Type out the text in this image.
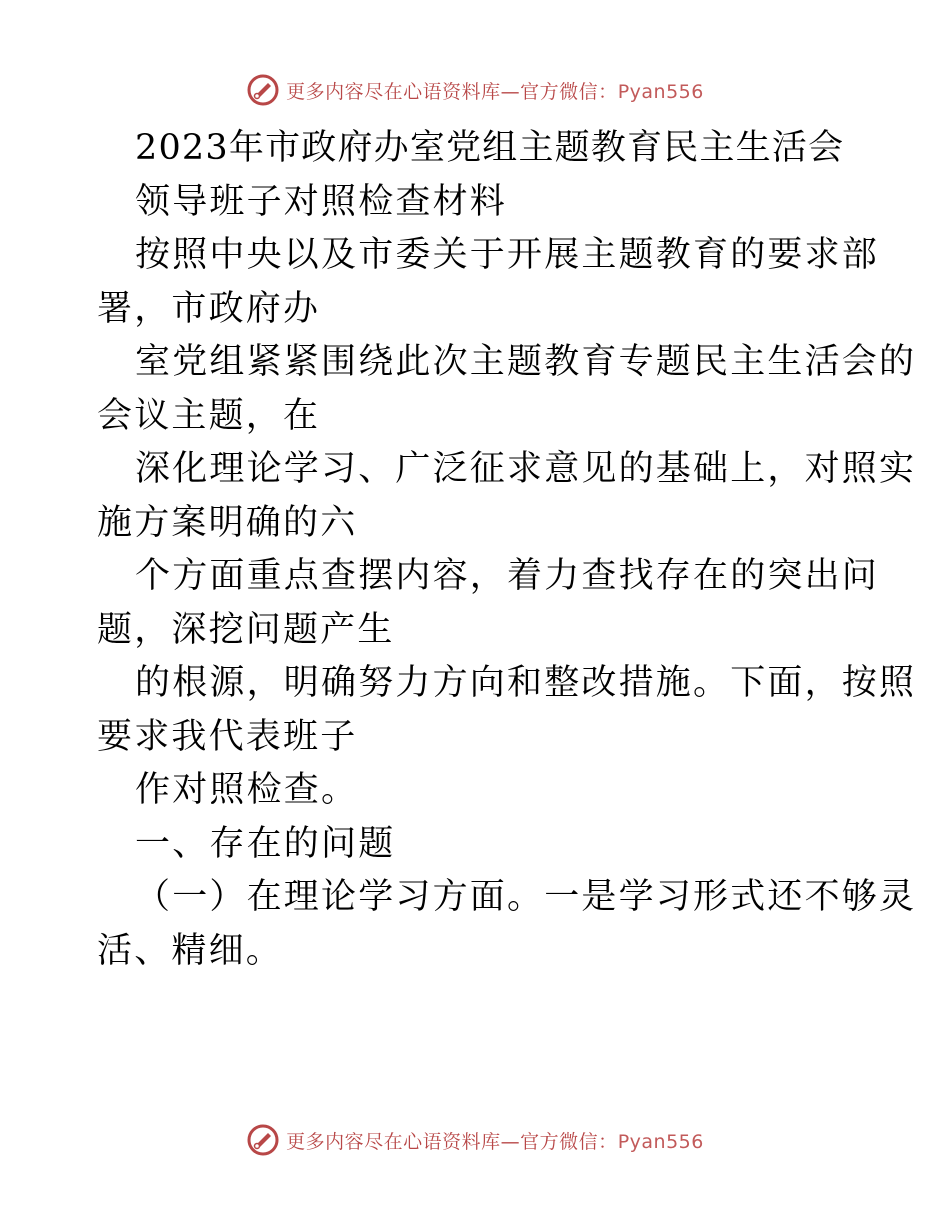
更多内容尽在心语资料库—官方微信：Pyan556
2023年市政府办室党组主题教育民主生活会
领导班子对照检查材料
按照中央以及市委关于开展主题教育的要求部
署，市政府办
室党组紧紧围绕此次主题教育专题民主生活会的
会议主题，在
深化理论学习、广泛征求意见的基础上，对照实
施方案明确的六
个方面重点查摆内容，着力查找存在的突出问
题，深挖问题产生
的根源，明确努力方向和整改措施。下面，按照
要求我代表班子
作对照检查。
一、存在的问题
（一）在理论学习方面。一是学习形式还不够灵
活、精细。
更多内容尽在心语资料库—官方微信：Pyan556
